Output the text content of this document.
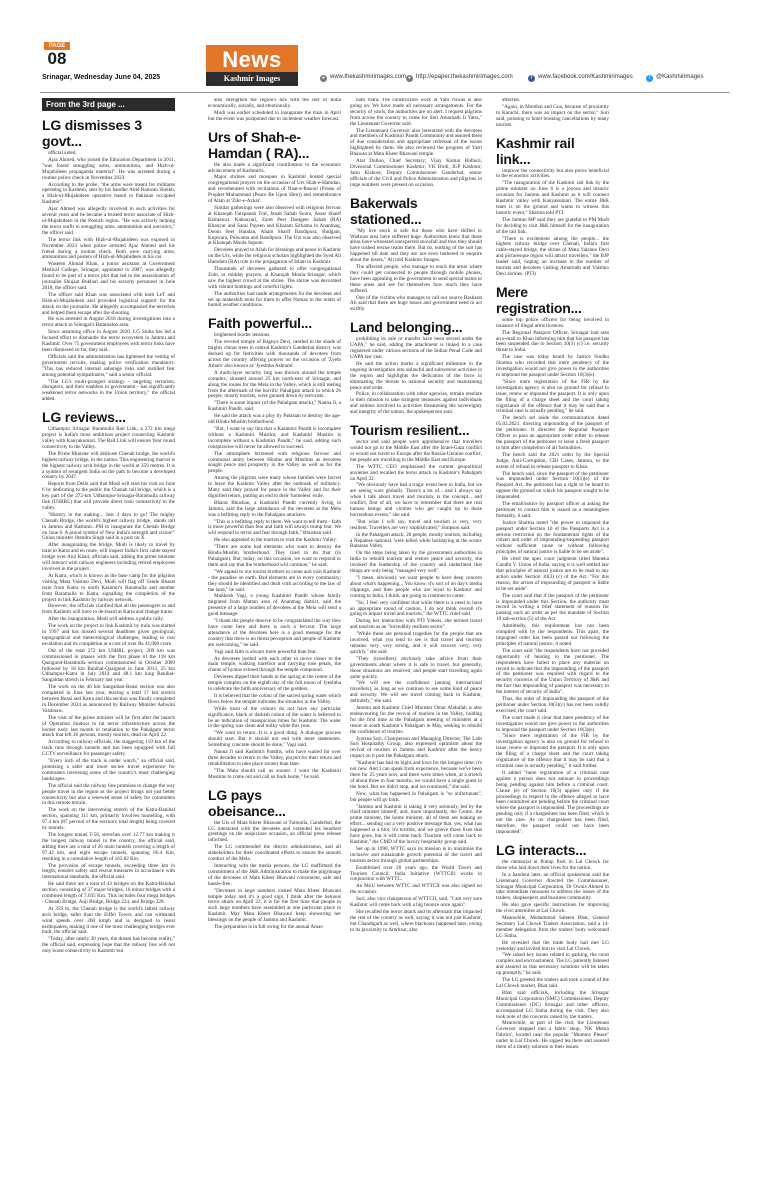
PAGE
08
Srinagar, Wednesday June 04, 2025
News
Kashmir Images	● www.thekashmirimages.com ● http://epaper.thekashmirimages.com	f www.facebook.com/Kashmirimages	t @Kashmirimages
From the 3rd page ...
LG dismisses 3 govt...

official aided.

Ajaz Ahmed, who joined the Education Department in 2011, "was found smuggling arms, ammunition, and Hizb-ul-Mujahideen propaganda material". He was arrested during a routine police check in November 2023.

According to the probe, "the arms were meant for militants operating in Kashmir, sent by his handler Abid Ramzan Sheikh, a Hizb-ul-Mujahideen operative based in Pakistan occupied Kashmir".

Ajaz Ahmed was allegedly involved in such activities for several years and he became a trusted terror associate of Hizb-ul-Mujahideen in the Poonch region. "He was actively helping the terror outfit in smuggling arms, ammunition and narcotics," the officer said.

The terror link with Hizb-ul-Mujahideen was exposed in November 2023 when police arrested Ajaz Ahmed and his friend during a routine check. Both were carrying arms, ammunition and posters of Hizb-ul-Mujahideen in his car.

Waseem Ahmad Khan, a junior assistant at Government Medical College, Srinagar, appointed in 2007, was allegedly found to be part of a terror plot that led to the assassination of journalist Shujaat Bukhari and his security personnel in June 2018, the officer said.

The officer said Khan was associated with both LeT and Hizb-ul-Mujahideen and provided logistical support for the attack on the journalist. He allegedly accompanied the terrorists and helped them escape after the shooting.

He was arrested in August 2018 during investigations into a terror attack in Srinagar's Batamaloo area.

Since assuming office in August 2020, LG Sinha has led a focused effort to dismantle the terror ecosystem in Jammu and Kashmir. Over 75 government employees with terror links have been dismissed so far, they said.

Officials said the administration has tightened the vetting of government recruits, making police verification mandatory. "This has reduced internal sabotage risks and instilled fear among potential sympathizers," said a senior official.

"The LG's multi-pronged strategy - targeting terrorists, disruptors, and their enablers in government - has significantly weakened terror networks in the Union territory," the official added.

LG reviews...

Udhampur Srinagar Baramulla Rail Link, a 272 km mega project is India's most ambitious project connecting Kashmir valley with Kanyakumari. The Rail Link will ensure Year round connectivity to the Valley.

The Prime Minister will dedicate Chenab bridge, the world's highest railway bridge, to the nation. This engineering marvel is the highest railway arch bridge in the world at 359 metres. It is a symbol of resurgent India on the path to become a developed country by 2047.

Reports from Delhi said that Modi will start his visit on June 6 by dedicating to the public the Chenab rail bridge, which is a key part of the 272-km Udhampur-Srinagar-Baramulla railway link (USBRL) that will provide direct train connectivity to the valley.

"History in the making... Just 4 days to go! The mighty Chenab Bridge, the world's highest railway bridge, stands tall in Jammu and Kashmir...PM to inaugurate the Chenab Bridge on June 6. A proud symbol of New India's strength and vision!" Union minister Jitendra Singh said in a post on X.

After inaugurating the bridge, Modi is likely to travel by train to Katra and en route, will inspect India's first cable stayed bridge over Anji Khad, officials said, adding the prime minister will interact with railway engineers including retired employees involved in the project.

At Katra, which is known as the base camp for the pilgrims visiting Mata Vaishno Devi, Modi will flag off Vande Bharat train from Katra to north Kashmir's Baramulla and another from Baramulla to Katra, signalling the completion of the project to link Kashmir by railway network.

However, the officials clarified that all the passengers to and from Kashmir will have to de-board at Katra and change trains.

After the inauguration, Modi will address a public rally.

The work on the project to link Kashmir by train was started in 1997 and has missed several deadlines given geological, topographical and meteorological challenges, leading to cost escalation and its completion at a cost of over Rs 41,000 crore.

Out of the total 272 km USBRL project, 209 km was commissioned in phases with the first phase of the 118 km Qazigund-Baramulla section commissioned in October 2009 followed by 18 km Banihal-Qazigund in June 2013, 25 km Udhampur-Katra in July 2014 and 48.1 km long Banihal-Sangaldan stretch in February last year.

The work on the 46 km Sangaldan-Reasi section was also completed in June last year, leaving a total 17 km stretch between Reasi and Katra and this section was finally completed in December 2024 as announced by Railway Minister Ashwini Vaishnaw.

The visit of the prime minister will be first after the launch of Operation Sindoor to hit terror infrastructure across the border early last month in retaliation to the Pahalgam terror attack that left 26 persons, mostly tourists, dead on April 22.

According to railway officials, the staggering 119 km of the track runs through tunnels and has been equipped with full CCTV surveillance for passenger safety.

"Every inch of the track is under watch," an official said, promising a safer and more secure travel experience for commuters traversing some of the country's most challenging landscapes.

The official said the railway line promises to change the way people travel in the region as the project brings not just better connectivity but also a renewed sense of safety for commuters in this remote terrain.

The work on the intervening stretch of the Katra-Banihal section, spanning 111 km, primarily involves tunnelling, with 97.4 km (87 percent of the section's total length) being covered by tunnels.

The longest tunnel T-50, stretches over 12.77 km making it the longest railway tunnel in the country, the official said, adding there are a total of 26 main tunnels covering a length of 97.42 km, and eight escape tunnels, spanning 66.4 Km, resulting in a cumulative length of 163.82 Km.

The provision of escape tunnels, exceeding three km in length, ensures safety and rescue measures in accordance with international standards, the official said.

He said there are a total of 43 bridges on the Katra-Banihal section, consisting of 37 major bridges, 16 minor bridges with a combined length of 7.035 Km. This includes four mega bridges - Chenab Bridge, Anji Bridge, Bridge 224, and Bridge 228.

At 359 m, the Chenab bridge is the world's tallest railway arch bridge, taller than the Eiffel Tower, and can withstand wind speeds over 260 kmph and is designed to resist earthquakes, making it one of the most challenging bridges ever built, the official said.

"Today, after nearly 30 years, the dream has become reality," the official said, expressing hope that the railway line will not only boost connectivity to Kashmir but

also strengthen the region's ties with the rest of India economically, socially, and emotionally.

Modi was earlier scheduled to inaugurate the train in April but the event was postponed due to inclement weather forecast.

Urs of Shah-e-Hamdan ( RA)...

He also made a significant contribution to the economic advancement of Kashmiris.

Major shrines and mosques in Kashmir hosted special congregational prayers on the occasion of Urs Shah-e-Hamdan, and reverberated with recitations of Naat-e-Rasool (Praise of Prophet Muhammad (Peace Be Upon Him)) and remembrance of Allah at 'Zikr-e-Azkar'.

Similar gatherings were also observed with religious fervour at Khanqah Faizpanah Tral, Jenab Sahab Soura, Assar Sharif Kishtawar, Kahanyari, Zaret Peer Dastgeer Sahab (RA) Khanyar and Sarai Payeen and Kharam Sirhama in Anantnag, Doom Seer Handan, Aham Sharif Bandipora, Budgam, Kupwara, Pulwama and Bandipora. The Urs was also observed at Khanqah Moula Sopore.

Devotees prayed to Allah for blessings and peace in Kashmir on the Urs, while the religious scholars highlighted the Syed Ali Hamdani (RA) role in the propagation of Islam in Kashmir.

Thousands of devotees gathered to offer congregational Zuhr, or midday prayers, at Khanqah Moula Srinagar, which saw the highest crowd at the shrine. The shrine was decorated with vibrant buntings and colorful lights.

The authorities had made arrangements for the devotees and set up makeshift tents for them to offer Namaz in the midst of humid weather conditions.

Faith powerful...

brightened border tensions.

The revered temple of Ragnya Devi, nestled in the shade of mighty chinar trees in central Kashmir's Ganderbal district, was decked up for festivities with thousands of devotees from across the country offering prayers on the occasion of 'Zyeth Atham' also known as 'Jyeshtha Ashtami'.

A multi-layer security ring was thrown around the temple complex, situated around 25 km north-east of Srinagar, and along the routes for the Mela in the Valley, which is still reeling from the aftermath of the horrific Pahalgam attack in which 26 people, mostly tourists, were gunned down by terrorists.

"There is some impact (of the Pahalgam attack)," Nanna Ji, a Kashmiri Pandit, said.

He said the attack was a ploy by Pakistan to destroy the age-old Hindu-Muslim brotherhood.

"But, I want to say this that a Kashmiri Pandit is incomplete without a Kashmiri Muslim, and Kashmiri Muslim is incomplete without a Kashmiri Pandit," he said, adding such conspiracies will never be allowed to succeed.

The atmosphere brimmed with religious fervour and communal amity between Hindus and Muslims as devotees sought peace and prosperity in the Valley as well as for the people.

Among the pilgrims were many whose families were forced to leave the Kashmir Valley after the outbreak of militancy. Many said they prayed for peace in the Valley and for their dignified return, putting an end to their 'homeless' exile.

Bharat Bhushan, a Kashmiri Pandit currently living in Jammu, said the large attendance of the devotees at the Mela was a befitting reply to the Pahalgam attackers.

"This is a befitting reply to them. We want to tell them - faith is more powerful than fear and faith will always trump fear. We will respond to terror and fear through faith," Bhushan said.

He also appealed to the tourists to visit the Kashmir Valley.

"There are some bad elements who want to destroy the Hindu-Muslim brotherhood. They tried to do that (in Pahalgam). But, today, on this occasion, we want to respond to them and say that the brotherhood will continue," he said.

"We appeal to our tourist brothers to come and visit Kashmir - the paradise on earth. Bad elements are in every community; they should be identified and dealt with according to the law of the land," he said.

Mukkesh Vagi, a young Kashmiri Pandit whose family migrated from Mattan area of Anantnag district, said the presence of a large number of devotees at the Mela will send a good message.

"I thank the people deserve to be congratulated the way they have come here and there is such a fervour. The large attendance of the devotees here is a good message for the country that there is no threat perception and people of Kashmir are welcoming," he said.

Vagi said faith is always more powerful than fear.

As devotees jostled with each other to move closer to the main temple, walking barefoot and carrying rose petals, the chants of hymns echoed through the temple compound.

Devotees dipped their hands in the spring at the centre of the temple complex on the eighth day of the full moon of Jyeshtha to celebrate the birth anniversary of the goddess.

It is believed that the colour of the sacred spring water which flows below the temple indicates the situation in the Valley.

While most of the colours do not have any particular significance, black or darkish colour of the water is believed to be an indication of inauspicious times for Kashmir. The water in the spring was clean and milky white this year.

"We want to return. It is a good thing. A dialogue process should start. But it should not end with mere statements. Something concrete should be done," Vagi said.

Nanna Ji said Kashmiri Pandits, who have waited for over three decades to return to the Valley, prayed for their return and rehabilitation to take place sooner than later.

"The Mata should call us sooner. I want the Kashmiri Muslims to come out and call us back home," he said.

LG pays obeisance...

the Urs of Mata Kheer Bhawani at Tulmulla, Ganderbal, the LG interacted with the devotees and extended his heartiest greetings on the auspicious occasion, an official press release informed.

The LG commended the district administration, and all stakeholders for their coordinated efforts to ensure the smooth conduct of the Mela.

Interacting with the media persons, the LG reaffirmed the commitment of the J&K Administration to make the pilgrimage of the devotees of Mata Kheer Bhawani convenient, safe and hassle-free.

"Devotees in large numbers visited Mata Kheer Bhawani temple today and it's a good sign. I think after the heinous terror attack on April 22, it is for the first time that people in such large numbers have assembled at one particular place in Kashmir. May Mata Kheer Bhawani keep showering her blessings on the people of Jammu and Kashmir.

The preparation is in full swing for the annual Amar-

nath Yatra. The construction work at Yatri Niwas is also going on. We have made all necessary arrangements. For the security of yatris, the authorities are on alert. I request pilgrims from across the country to come for Shri Amarnath Ji Yatra," the Lieutenant Governor said.

The Lieutenant Governor also interacted with the devotees and members of Kashmiri Pandit Community and assured them of due consideration and appropriate redressal of the issues highlighted by them. He also reviewed the progress of Yatri Bhawan at Mata Kheer Bhawani temple.

Atal Dulloo, Chief Secretary; Vijay Kumar Bidhuri, Divisional Commissioner Kashmir; VK Birdi, IGP Kashmir; Jatin Kishore, Deputy Commissioner Ganderbal; senior officials of the Civil and Police Administration and pilgrims in large numbers were present on occasion.

Bakerwals stationed...

"My live stock is safe but those who have shifted to Wadwan area have suffered huge. Authorities knew that these areas have witnessed unexpected snowfall and thus they should have rushed rescue teams there. But no, nothing of the sort has happened till date and they are not even bothered to enquire about the losses," Ali told Kashmir Images.

The affected people, who manage to reach the areas where they could get connected to people through mobile phones, have been appealing to the government to send special teams to these areas and see for themselves how much they have suffered.

One of the victims who manages to call our source Basharat Ali said that there are huge losses and government need to act swiftly.

Land belonging...

prohibiting its sale or transfer have been served under the UAPA," he said, adding the attachment is linked to a case registered under various sections of the Indian Penal Code and UAPA last year.

He said the action marks a significant milestone in the ongoing investigation into unlawful and subversive activities in the region and highlights the dedication of the force in eliminating the threats to national security and maintaining peace and order.

Police, in collaboration with other agencies, remain resolute in their mission to take stringent measures against individuals and entities involved in activities threatening the sovereignty and integrity of the nation, the spokesperson said.

Tourism resilient...

sector and said people were apprehensive that travellers would not go to the Middle East after the Israel-Gaza conflict or would not travel to Europe after the Russia-Ukraine conflict, but people are travelling to the Middle East and Europe.

The WTTC CEO emphasised the current geopolitical anxieties and recalled the terror attack in Kashmir's Pahalgam on April 22.

"We obviously have had a tragic event here in India, but we are seeing wars globally. There's a lot of... and I always say when I talk about travel and tourism, is the concept... and conflict, first of all, we have to remember that there are real human beings and victims who get caught up in these horrendous events," she said.

"But what I will say, travel and tourism is very, very resilient. Travellers are very sophisticated," Simpson said.

In the Pahalgam attack, 26 people, mostly tourists, including a Nepalese national, were killed while holidaying at the scenic Baisaran Valley.

On the steps being taken by the government authorities in India to rebuild tourism and restore peace and security, she invoked the leadership of the country and underlined that things are only being "managed very well".

"I mean, obviously we want people to have deep concern about what's happening... You know, it's sort of on day's media clippings, and then people who are loyal to Kashmir and coming to India, I think, are going to continue to come.

"So, I feel very confident that while there is a need to have an appropriate round of caution, I do not think overall it's going to impact travel and tourism," the WTTC chief said.

During her interaction with PTI Videos, she termed travel and tourism as an "incredibly resilient sector".

"While these are personal tragedies for the people that are involved, what you tend to see is that travel and tourism remains very, very strong, and it will recover very, very quickly," she said.

"They (travellers) obviously take advice from their governments about where it is safe to travel, but generally, those situations are resolved, and people start travelling again quite quickly.

"We will see the confidence (among international travellers), as long as we continue to see some kind of peace and security. We will see travel coming back to Kashmir, definitely," she said.

Jammu and Kashmir Chief Minister Omar Abdullah is also endeavouring for the revival of tourism in the Valley, holding for the first time at the Pahalgam meeting of ministers at a resort in south Kashmir's Pahalgam in May, seeking to rebuild the confidence of tourists.

Jyotsna Suri, Chairperson and Managing Director, The Lalit Suri Hospitality Group, also expressed optimism about the revival of tourism in Jammu and Kashmir after the heavy impact on it post the Pahalgam attack.

"Kashmir has had its highs and lows for the longest time; it's not new. And I can speak from experience, because we've been there for 25 years now, and there were times when, at a stretch of about three to four months, we would have a single guest in the hotel. But we didn't stop, and we continued," she said.

Now, what has happened in Pahalgam is "so unfortunate", but people will go back.

"Jammu and Kashmir is taking it very seriously, led by the chief minister himself, and, more importantly, the Centre, the prime minister, the home minister, all of them are making an effort... sending out a very positive message that, yes, what has happened is a blot, it's terrible, and we grieve those lives that have gone, but it will come back. Tourism will come back to Kashmir," the CMD of the luxury hospitality group said.

Set up in 1990, WTTC says its mission is to maximise the inclusive and sustainable growth potential of the travel and tourism sector through global partnerships.

Established over 20 years ago, the World Travel and Tourism Council, India Initiative (WTTCII) works in conjunction with WTTC.

An MoU between WTTC and WTTCII was also signed on the occasion.

Suri, also vice chairperson of WTTCII, said, "I am very sure Kashmir will come back with a big bounce once again".

She recalled the terror attack and its aftermath that impacted the rest of the country as well, saying it was not just Kashmir, but Chandigarh as well, where blackouts happened later, owing to its proximity to Amritsar, also

affected.

"Again, in Mumbai and Goa, because of proximity to Karachi, there was an impact on the sector," Suri said, pointing to hotel booking cancellations by many tourists.

Kashmir rail link...

improve the connectivity but also prove beneficial to the economic activities.

"The inauguration of the Kashmir rail link by the prime minister on June 6 is a joyous and historic occasion for Jammu and Kashmir as it will connect Kashmir valley with Kanyakumari. The entire J&K team is on the ground and wants to witness this historic event," Sharma told PTI.

The Jammu MP said they are grateful to PM Modi for deciding to visit J&K himself for the inauguration of the rail link.

"There is excitement among the people... the highest railway bridge over Chenab, India's first cable-stayed bridge, the shrine of Mata Vaishno Devi and picturesque region will attract travellers," the BJP leader said, hoping an increase in the number of tourists and devotees visiting Amarnath and Vaishno Devi shrines. (PTI)

Mere registration...

some top police officers for being involved in issuance of illegal arms licences.

The Regional Passport Officer, Srinagar had sent an e-mail to Khan informing him that his passport has been suspended due to Section 10(3) (c) i.e. security threat to India.

The case was today heard by Justice Sindhu Sharma who recorded that mere pendency of the investigation would not give power to the authorities to impound the passport under Section 10(3)(e).

"Since mere registration of the FIR by the investigation agency is also no ground for refusal to issue, renew or impound the passport. It is only upon the filing of a charge sheet and the court taking cognizance of the offence that it may be said that a criminal case is actually pending," he said.

The bench set aside the communication dated 05.02.2021, directing impounding of the passport of the petitioner. It directed the Regional Passport Officer to pass an appropriate order either to release the passport of the petitioner or issue a fresh passport to him after completion of all formalities.

The bench said the 2021 order by the Special Judge, Anti-Corruption, CBI Cases, Jammu, to the extent of refusal to release passport to Khan.

The bench said, since the passport of the petitioner was impounded under Section 10(3)(e) of the Passport Act, the petitioner has a right to be heard to oppose the ground on which his passport sought to be impounded.

The email/notice by passport officer at asking the petitioner to contact him is issued as a meaningless formality, it said.

Justice Sharma noted "the power to impound the passport under Section 10 of the Passports Act is a serious restriction on the fundamental rights of the citizen and order of impounding/suspending passport without sufficient cause or without following principles of natural justice is liable to be set aside".

He cited the apex court judgment titled Maneka Gandhi V. Union of India, saying it is well settled law that principles of natural justice are to be read in any action under Section 10(3) (c) of the Act. "For this reason, the action of impounding of passport is liable to be set aside".

The court said that if the passport of the petitioner is impounded under this Section, the authority must record in writing a brief statement of reasons for passing such an order as per the mandate of Section 10 sub-section (5) of the Act.

Admittedly, this requirement has not been complied with by the respondents. This apart, the impugned order has been passed not following the principles of natural justice, it noted.

The court said "the respondents have not provided opportunity of hearing to the petitioner. The respondents have failed to place any material on record to indicate that the impounding of the passport of the petitioner was required with regard to the security concerns of the Union Territory of J&K and the fact that impounding of passport was necessary in the interest of security of India".

Thus, the order of impounding the passport of the petitioner under Section 10(3)(c) has not been validly exercised, the court said.

The court made it clear that mere pendency of the investigation would not give power to the authorities to impound the passport under Section 10(3)(e).

"Since mere registration of the FIR by the investigation agency is also no ground for refusal to issue, renew or impound the passport. It is only upon the filing of a charge sheet and the court taking cognizance of the offence that it may be said that a criminal case is actually pending," it said further.

It added "mere registration of a criminal case against a person does not amount to proceedings being pending against him before a criminal court. Clause (e) of Section 10(3) applies only if the proceedings in respect to the offence alleged to have been committed are pending before the criminal court where the passport is impounded. The proceedings are pending only if a chargesheet has been filed, which is not the case. As no chargesheet has been filed, therefore, the passport could not have been impounded".

LG interacts...

the memorial at Pratap Park in Lal Chowk for those who laid down their lives for the nation.

In a handout later, an official spokesman said the Lieutenant Governor directed the Commissioner, Srinagar Municipal Corporation, Dr Owais Ahmed to take immediate measures to address the issues of the traders, shopkeepers and business community.

He also gave specific instructions for improving the civic amenities at Lal Chowk.

Meanwhile, Mohammad Saleem Bhat, General Secretary Lal Chowk Traders Association, said a 14-member delegation from the traders' body welcomed LG Sinha.

He revealed that the trade body had met LG yesterday and invited him to visit Lal Chowk.

"We raised key issues related to parking, the court complex and encroachment. The LG patiently listened and assured us that necessary solutions will be taken up promptly," he said.

The LG greeted the traders and took a round of the Lal Chowk market, Bhat said.

Bhat said officials, including the Srinagar Municipal Corporation (SMC) Commissioner, Deputy Commissioner (DC) Srinagar and other officers, accompanied LG Sinha during the visit. They also took note of the concerns raised by the traders.

Meanwhile, as part of the visit, the Lieutenant Governor stepped into a fabric shop, 'NK Mehra Fabrics', located near the popular "Mummy Please" outlet in Lal Chowk. He sipped tea there and assured them of a timely solution to their issues.
